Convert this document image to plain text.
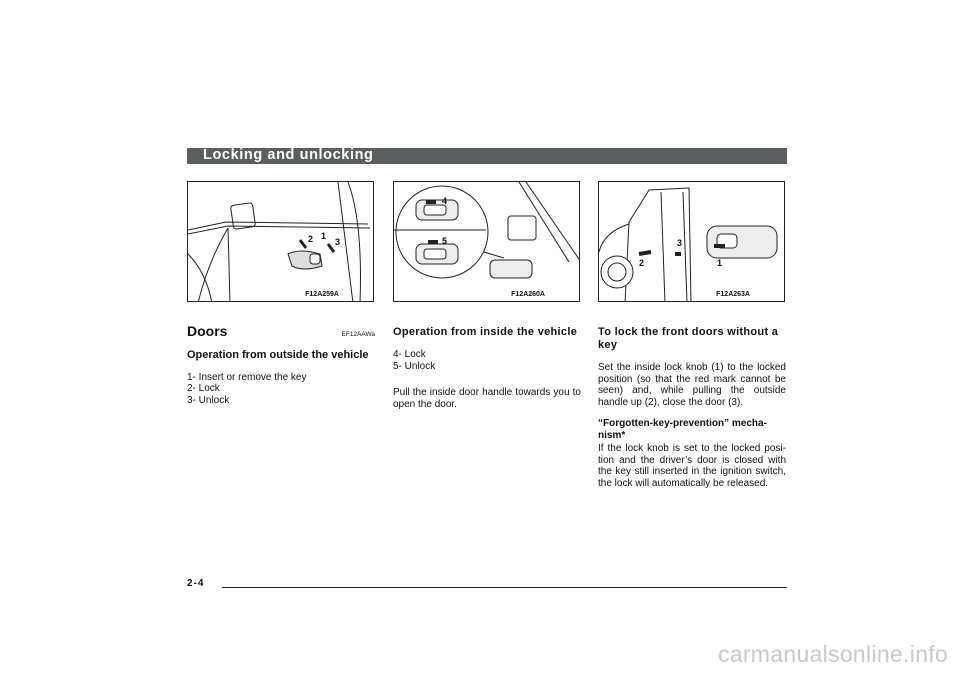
Locking and unlocking
2 1
3
F12A259A
4
5
F12A260A
3
2	1
F12A263A
Doors	EF12AAWa
Operation from outside the vehicle
1- Insert or remove the key
2- Lock
3- Unlock
Operation from inside the vehicle
4- Lock
5- Unlock
Pull the inside door handle towards you to open the door.
To lock the front doors without a key
Set the inside lock knob (1) to the locked position (so that the red mark cannot be seen) and, while pulling the outside handle up (2), close the door (3).
“Forgotten-key-prevention” mecha-nism*
If the lock knob is set to the locked posi-tion and the driver’s door is closed with the key still inserted in the ignition switch, the lock will automatically be released.
2-4
carmanualsonline.info
